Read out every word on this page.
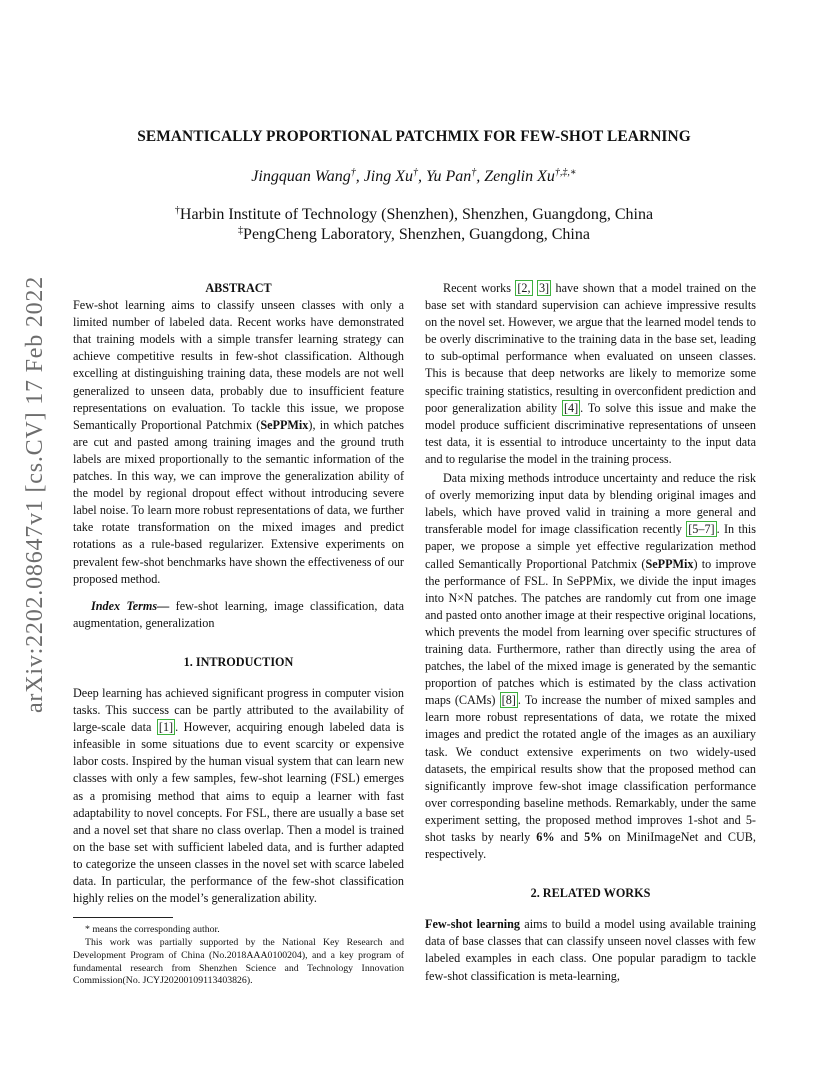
arXiv:2202.08647v1 [cs.CV] 17 Feb 2022
SEMANTICALLY PROPORTIONAL PATCHMIX FOR FEW-SHOT LEARNING
Jingquan Wang†, Jing Xu†, Yu Pan†, Zenglin Xu†,‡,∗
†Harbin Institute of Technology (Shenzhen), Shenzhen, Guangdong, China
‡PengCheng Laboratory, Shenzhen, Guangdong, China
ABSTRACT

Few-shot learning aims to classify unseen classes with only a limited number of labeled data. Recent works have demonstrated that training models with a simple transfer learning strategy can achieve competitive results in few-shot classification. Although excelling at distinguishing training data, these models are not well generalized to unseen data, probably due to insufficient feature representations on evaluation. To tackle this issue, we propose Semantically Proportional Patchmix (SePPMix), in which patches are cut and pasted among training images and the ground truth labels are mixed proportionally to the semantic information of the patches. In this way, we can improve the generalization ability of the model by regional dropout effect without introducing severe label noise. To learn more robust representations of data, we further take rotate transformation on the mixed images and predict rotations as a rule-based regularizer. Extensive experiments on prevalent few-shot benchmarks have shown the effectiveness of our proposed method.

Index Terms— few-shot learning, image classification, data augmentation, generalization

1. INTRODUCTION

Deep learning has achieved significant progress in computer vision tasks. This success can be partly attributed to the availability of large-scale data [1] . However, acquiring enough labeled data is infeasible in some situations due to event scarcity or expensive labor costs. Inspired by the human visual system that can learn new classes with only a few samples, few-shot learning (FSL) emerges as a promising method that aims to equip a learner with fast adaptability to novel concepts. For FSL, there are usually a base set and a novel set that share no class overlap. Then a model is trained on the base set with sufficient labeled data, and is further adapted to categorize the unseen classes in the novel set with scarce labeled data. In particular, the performance of the few-shot classification highly relies on the model’s generalization ability.

* means the corresponding author.

This work was partially supported by the National Key Research and Development Program of China (No.2018AAA0100204), and a key program of fundamental research from Shenzhen Science and Technology Innovation Commission(No. JCYJ20200109113403826).

Recent works [2, 3] have shown that a model trained on the base set with standard supervision can achieve impressive results on the novel set. However, we argue that the learned model tends to be overly discriminative to the training data in the base set, leading to sub-optimal performance when evaluated on unseen classes. This is because that deep networks are likely to memorize some specific training statistics, resulting in overconfident prediction and poor generalization ability [4] . To solve this issue and make the model produce sufficient discriminative representations of unseen test data, it is essential to introduce uncertainty to the input data and to regularise the model in the training process.

Data mixing methods introduce uncertainty and reduce the risk of overly memorizing input data by blending original images and labels, which have proved valid in training a more general and transferable model for image classification recently [5–7] . In this paper, we propose a simple yet effective regularization method called Semantically Proportional Patchmix (SePPMix) to improve the performance of FSL. In SePPMix, we divide the input images into N×N patches. The patches are randomly cut from one image and pasted onto another image at their respective original locations, which prevents the model from learning over specific structures of training data. Furthermore, rather than directly using the area of patches, the label of the mixed image is generated by the semantic proportion of patches which is estimated by the class activation maps (CAMs) [8] . To increase the number of mixed samples and learn more robust representations of data, we rotate the mixed images and predict the rotated angle of the images as an auxiliary task. We conduct extensive experiments on two widely-used datasets, the empirical results show that the proposed method can significantly improve few-shot image classification performance over corresponding baseline methods. Remarkably, under the same experiment setting, the proposed method improves 1-shot and 5-shot tasks by nearly 6% and 5% on MiniImageNet and CUB, respectively.

2. RELATED WORKS

Few-shot learning aims to build a model using available training data of base classes that can classify unseen novel classes with few labeled examples in each class. One popular paradigm to tackle few-shot classification is meta-learning,
